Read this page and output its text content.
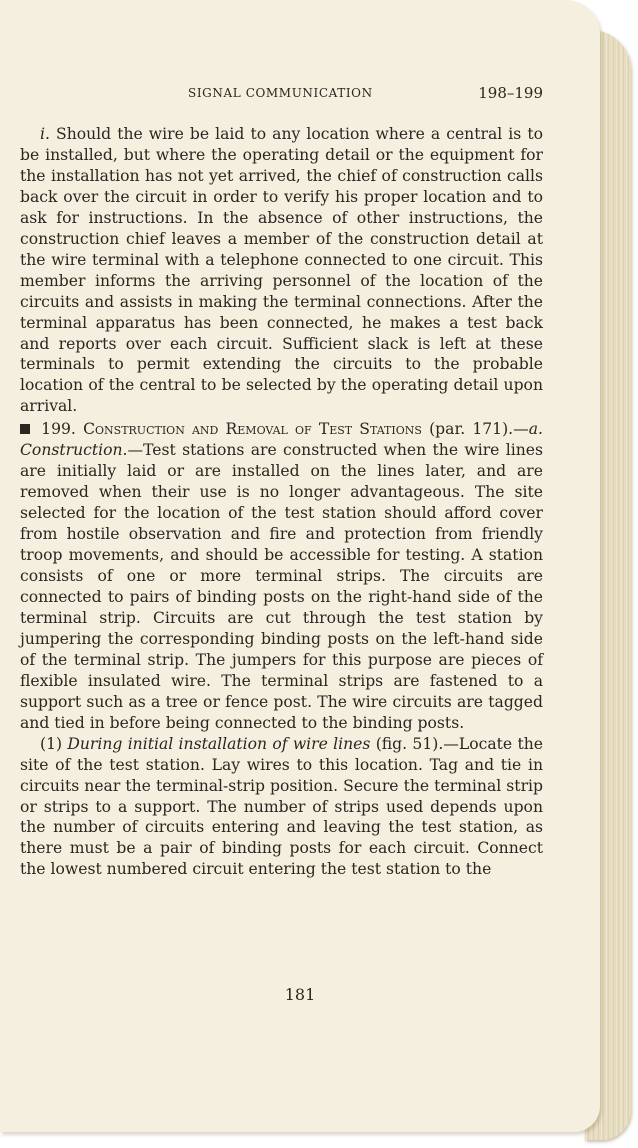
SIGNAL COMMUNICATION	198–199

i. Should the wire be laid to any location where a central is to be installed, but where the operating detail or the equipment for the installation has not yet arrived, the chief of construction calls back over the circuit in order to verify his proper location and to ask for instructions. In the absence of other instructions, the construction chief leaves a member of the construction detail at the wire terminal with a telephone connected to one circuit. This member informs the arriving personnel of the location of the circuits and assists in making the terminal connections. After the terminal apparatus has been connected, he makes a test back and reports over each circuit. Sufficient slack is left at these terminals to permit extending the circuits to the probable location of the central to be selected by the operating detail upon arrival.

199. Construction and Removal of Test Stations (par. 171).—a. Construction.—Test stations are constructed when the wire lines are initially laid or are installed on the lines later, and are removed when their use is no longer advantageous. The site selected for the location of the test station should afford cover from hostile observation and fire and protection from friendly troop movements, and should be accessible for testing. A station consists of one or more terminal strips. The circuits are connected to pairs of binding posts on the right-hand side of the terminal strip. Circuits are cut through the test station by jumpering the corresponding binding posts on the left-hand side of the terminal strip. The jumpers for this purpose are pieces of flexible insulated wire. The terminal strips are fastened to a support such as a tree or fence post. The wire circuits are tagged and tied in before being connected to the binding posts.

(1) During initial installation of wire lines (fig. 51).—Locate the site of the test station. Lay wires to this location. Tag and tie in circuits near the terminal-strip position. Secure the terminal strip or strips to a support. The number of strips used depends upon the number of circuits entering and leaving the test station, as there must be a pair of binding posts for each circuit. Connect the lowest numbered circuit entering the test station to the

181
